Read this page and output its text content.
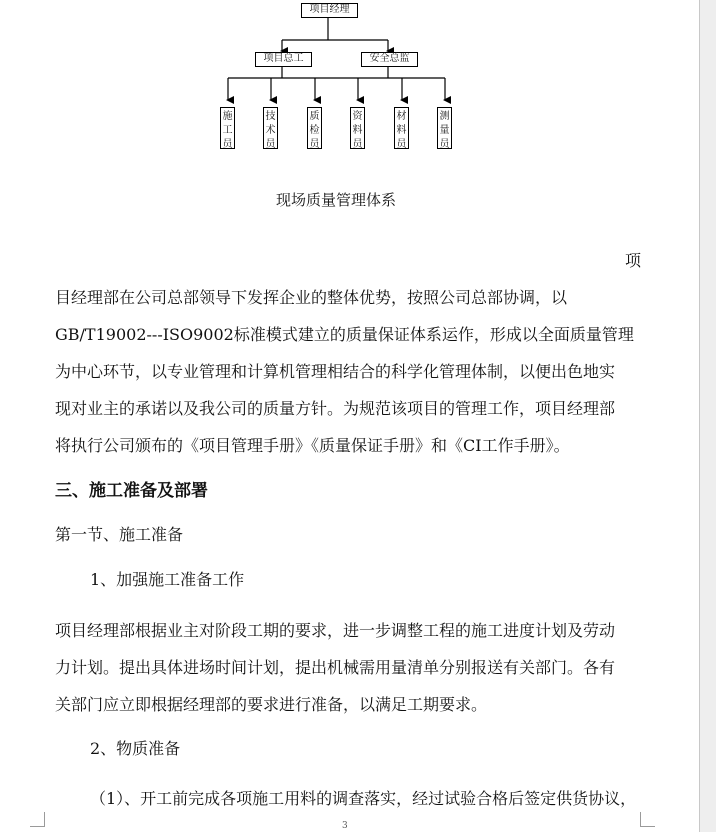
项目经理
项目总工	安全总监
施工员
技术员
质检员
资料员
材料员
测量员
现场质量管理体系
项
目经理部在公司总部领导下发挥企业的整体优势，按照公司总部协调，以
GB/T19002---ISO9002标准模式建立的质量保证体系运作，形成以全面质量管理
为中心环节，以专业管理和计算机管理相结合的科学化管理体制，以便出色地实
现对业主的承诺以及我公司的质量方针。为规范该项目的管理工作，项目经理部
将执行公司颁布的《项目管理手册》《质量保证手册》和《CI工作手册》。
三、施工准备及部署
第一节、施工准备
1、加强施工准备工作
项目经理部根据业主对阶段工期的要求，进一步调整工程的施工进度计划及劳动
力计划。提出具体进场时间计划，提出机械需用量清单分别报送有关部门。各有
关部门应立即根据经理部的要求进行准备，以满足工期要求。
2、物质准备
（1）、开工前完成各项施工用料的调查落实，经过试验合格后签定供货协议，
3
